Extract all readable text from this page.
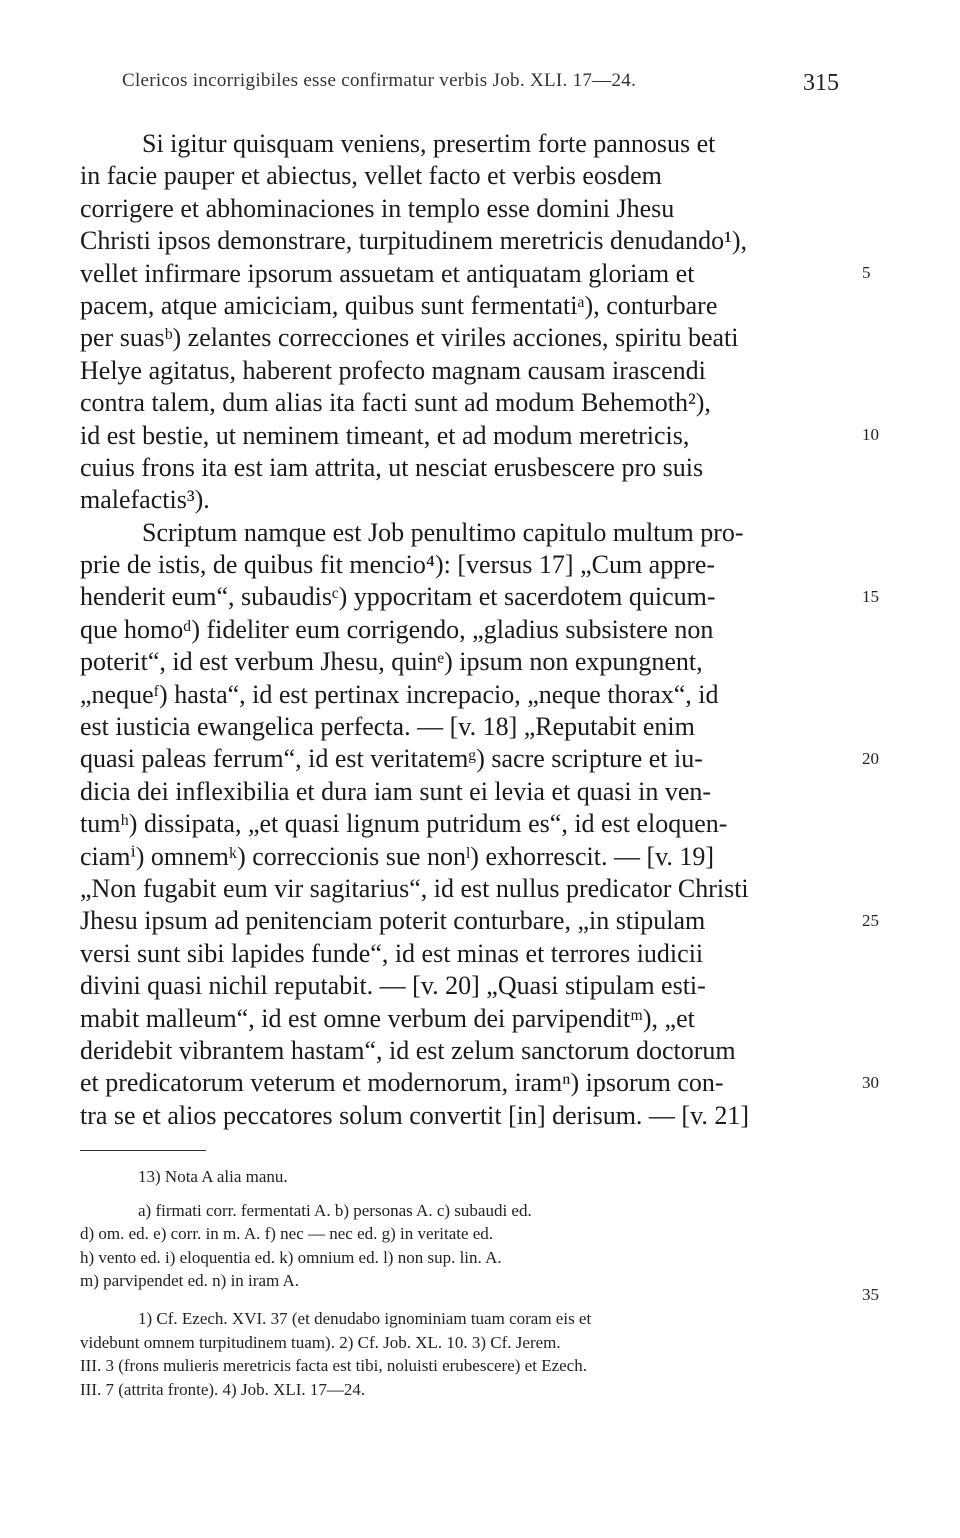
Clericos incorrigibiles esse confirmatur verbis Job. XLI. 17—24.	315
Si igitur quisquam veniens, presertim forte pannosus et
in facie pauper et abiectus, vellet facto et verbis eosdem
corrigere et abhominaciones in templo esse domini Jhesu
Christi ipsos demonstrare, turpitudinem meretricis denudando¹),
vellet infirmare ipsorum assuetam et antiquatam gloriam et
pacem, atque amiciciam, quibus sunt fermentatiᵃ), conturbare
per suasᵇ) zelantes correcciones et viriles acciones, spiritu beati
Helye agitatus, haberent profecto magnam causam irascendi
contra talem, dum alias ita facti sunt ad modum Behemoth²),
id est bestie, ut neminem timeant, et ad modum meretricis,
cuius frons ita est iam attrita, ut nesciat erusbescere pro suis
malefactis³).
Scriptum namque est Job penultimo capitulo multum pro-
prie de istis, de quibus fit mencio⁴): [versus 17] „Cum appre-
henderit eum“, subaudisᶜ) yppocritam et sacerdotem quicum-
que homoᵈ) fideliter eum corrigendo, „gladius subsistere non
poterit“, id est verbum Jhesu, quinᵉ) ipsum non expungnent,
„nequeᶠ) hasta“, id est pertinax increpacio, „neque thorax“, id
est iusticia ewangelica perfecta. — [v. 18] „Reputabit enim
quasi paleas ferrum“, id est veritatemᵍ) sacre scripture et iu-
dicia dei inflexibilia et dura iam sunt ei levia et quasi in ven-
tumʰ) dissipata, „et quasi lignum putridum es“, id est eloquen-
ciamⁱ) omnemᵏ) correccionis sue nonˡ) exhorrescit. — [v. 19]
„Non fugabit eum vir sagitarius“, id est nullus predicator Christi
Jhesu ipsum ad penitenciam poterit conturbare, „in stipulam
versi sunt sibi lapides funde“, id est minas et terrores iudicii
divini quasi nichil reputabit. — [v. 20] „Quasi stipulam esti-
mabit malleum“, id est omne verbum dei parvipenditᵐ), „et
deridebit vibrantem hastam“, id est zelum sanctorum doctorum
et predicatorum veterum et modernorum, iramⁿ) ipsorum con-
tra se et alios peccatores solum convertit [in] derisum. — [v. 21]
5
10
15
20
25
30
35
13) Nota A alia manu.
a) firmati corr. fermentati A. b) personas A. c) subaudi ed.
d) om. ed. e) corr. in m. A. f) nec — nec ed. g) in veritate ed.
h) vento ed. i) eloquentia ed. k) omnium ed. l) non sup. lin. A.
m) parvipendet ed. n) in iram A.
1) Cf. Ezech. XVI. 37 (et denudabo ignominiam tuam coram eis et
videbunt omnem turpitudinem tuam). 2) Cf. Job. XL. 10. 3) Cf. Jerem.
III. 3 (frons mulieris meretricis facta est tibi, noluisti erubescere) et Ezech.
III. 7 (attrita fronte). 4) Job. XLI. 17—24.
